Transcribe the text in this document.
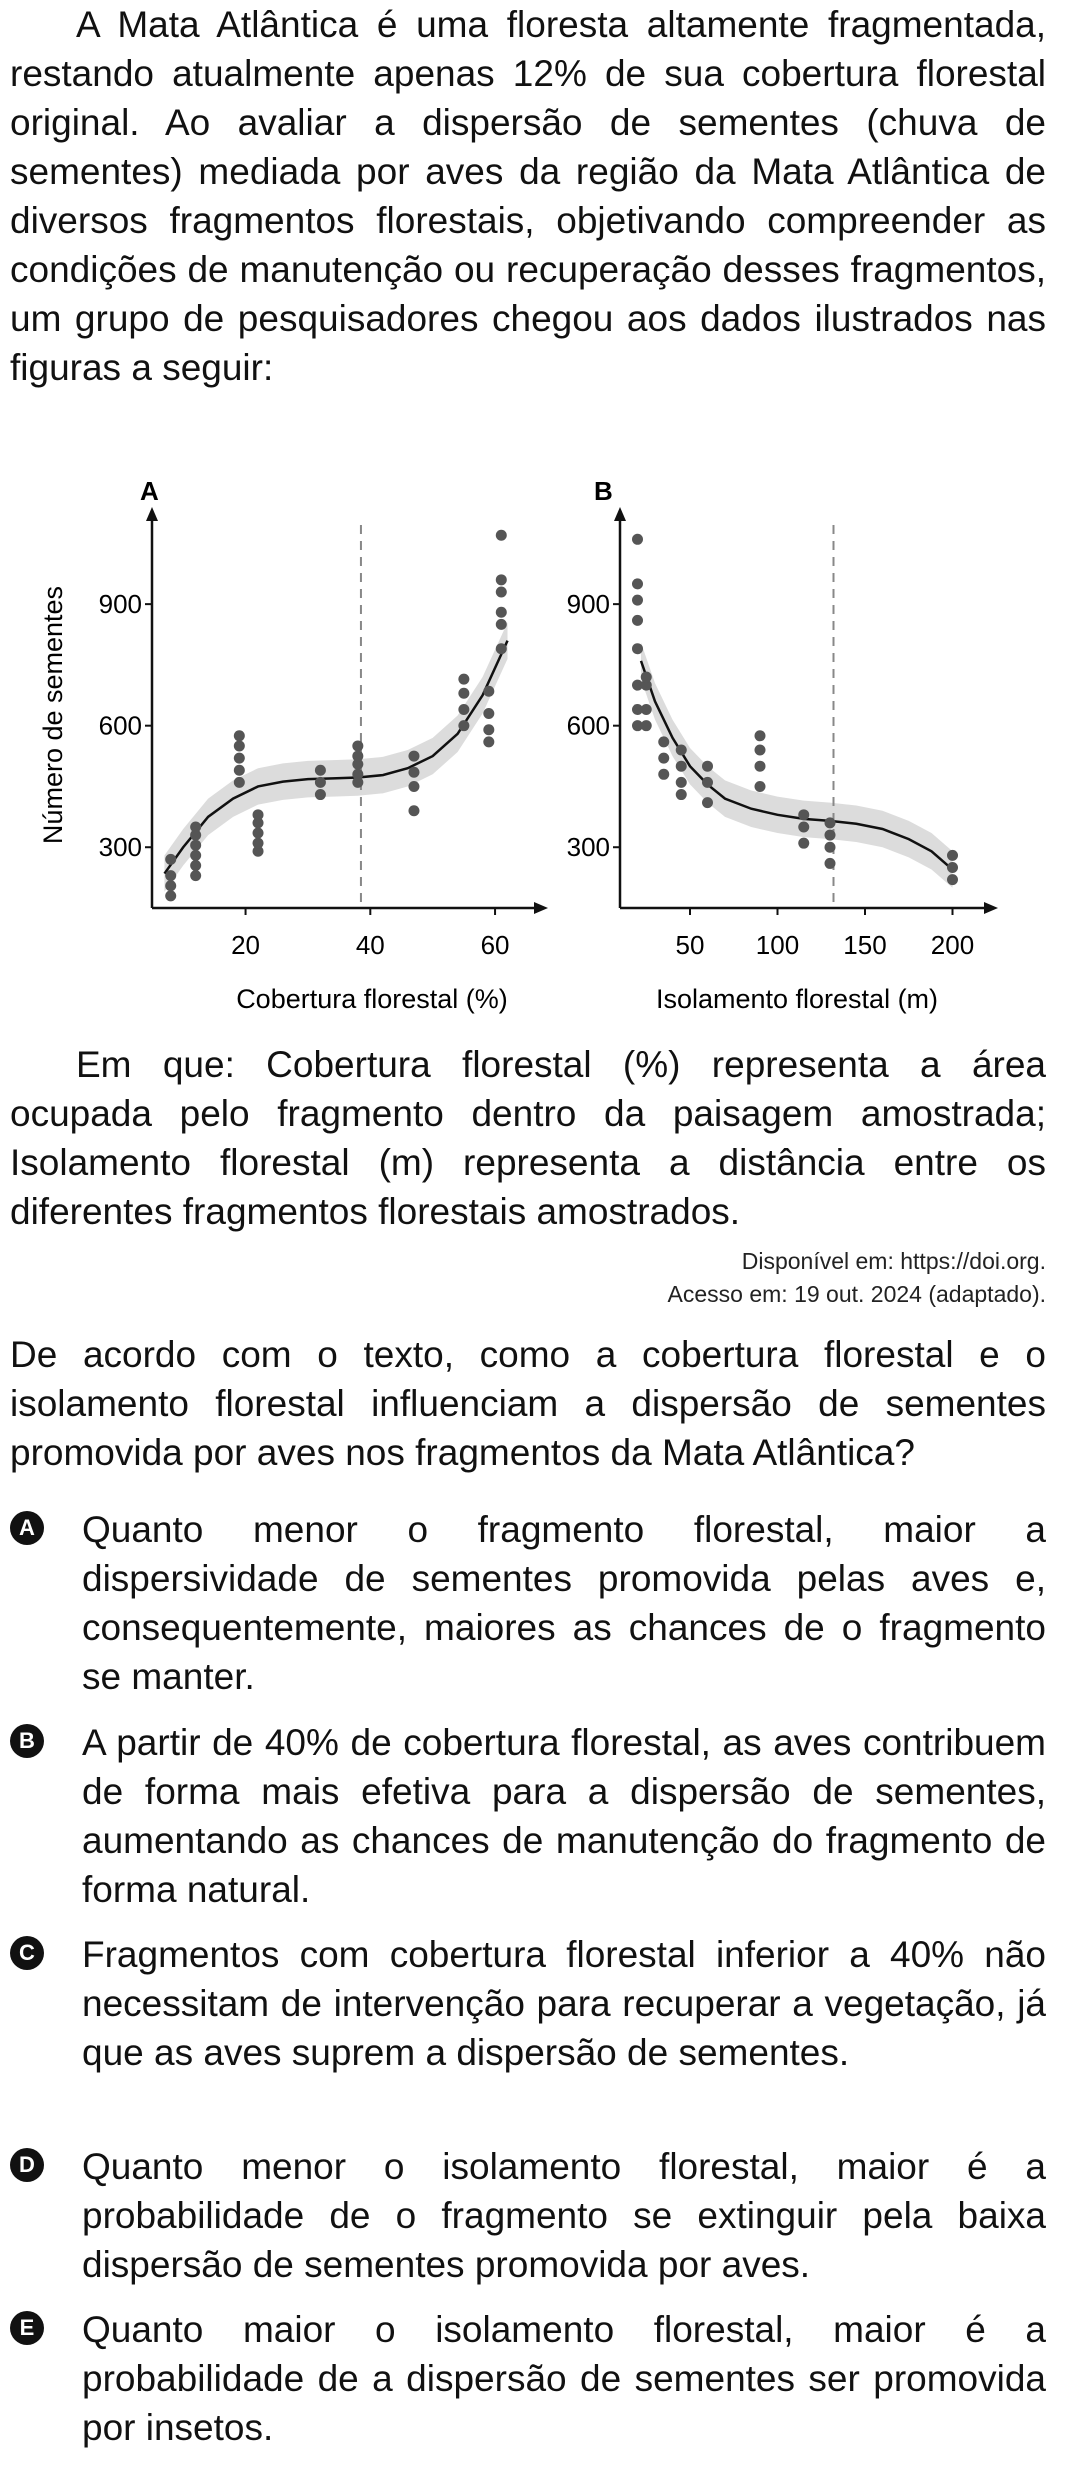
A Mata Atlântica é uma floresta altamente fragmentada, restando atualmente apenas 12% de sua cobertura florestal original. Ao avaliar a dispersão de sementes (chuva de sementes) mediada por aves da região da Mata Atlântica de diversos fragmentos florestais, objetivando compreender as condições de manutenção ou recuperação desses fragmentos, um grupo de pesquisadores chegou aos dados ilustrados nas figuras a seguir:
A
Número de sementes
Cobertura florestal (%)
300
600
900
20	40	60
B
Isolamento florestal (m)
300
600
900
50 100 150 200
Em que: Cobertura florestal (%) representa a área ocupada pelo fragmento dentro da paisagem amostrada; Isolamento florestal (m) representa a distância entre os diferentes fragmentos florestais amostrados.
Disponível em: https://doi.org.
Acesso em: 19 out. 2024 (adaptado).
De acordo com o texto, como a cobertura florestal e o isolamento florestal influenciam a dispersão de sementes promovida por aves nos fragmentos da Mata Atlântica?
A Quanto menor o fragmento florestal, maior a dispersividade de sementes promovida pelas aves e, consequentemente, maiores as chances de o fragmento se manter.
B A partir de 40% de cobertura florestal, as aves contribuem de forma mais efetiva para a dispersão de sementes, aumentando as chances de manutenção do fragmento de forma natural.
C Fragmentos com cobertura florestal inferior a 40% não necessitam de intervenção para recuperar a vegetação, já que as aves suprem a dispersão de sementes.
D Quanto menor o isolamento florestal, maior é a probabilidade de o fragmento se extinguir pela baixa dispersão de sementes promovida por aves.
E Quanto maior o isolamento florestal, maior é a probabilidade de a dispersão de sementes ser promovida por insetos.
